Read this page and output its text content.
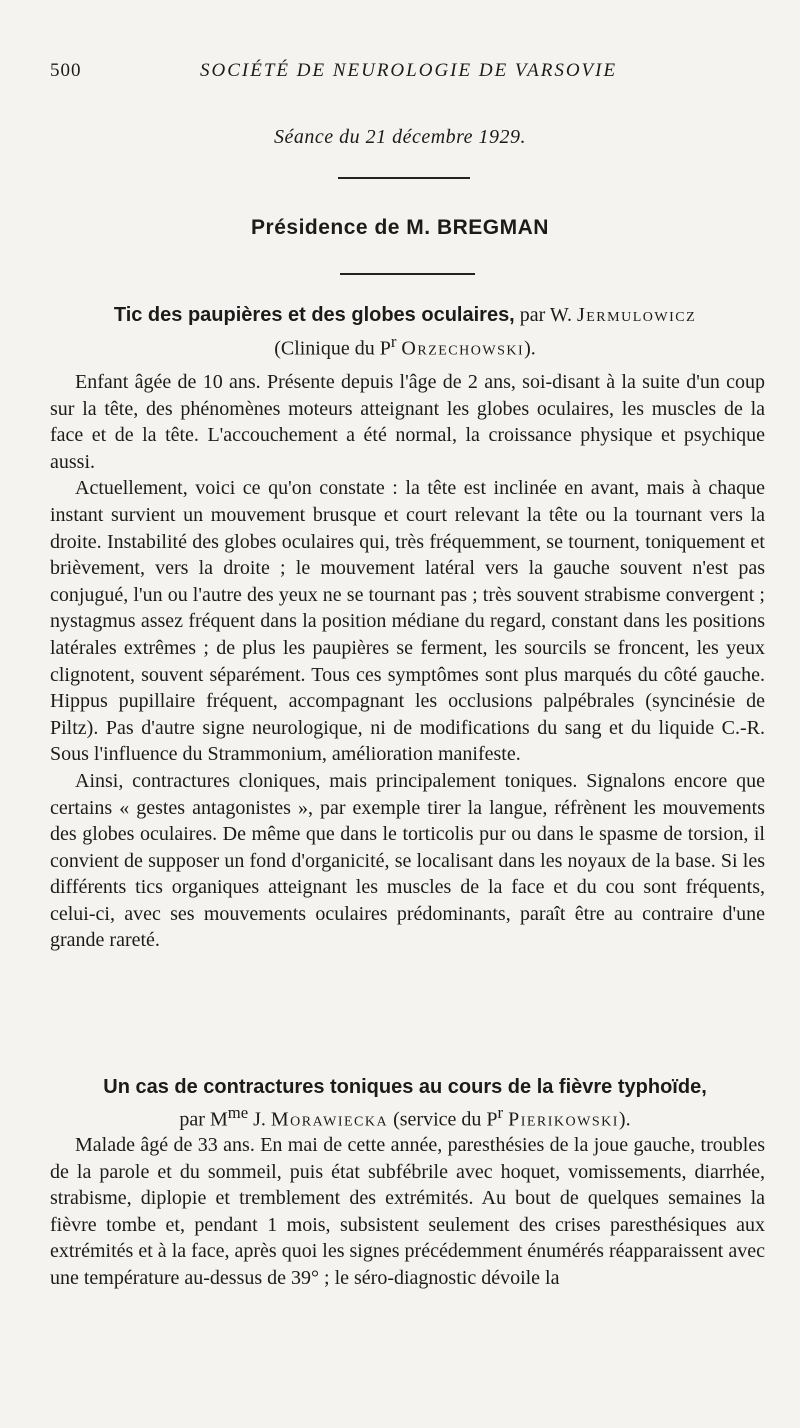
500	SOCIÉTÉ DE NEUROLOGIE DE VARSOVIE
Séance du 21 décembre 1929.
Présidence de M. BREGMAN
Tic des paupières et des globes oculaires, par W. Jermulowicz
(Clinique du $P^r$ Orzechowski).

Enfant âgée de 10 ans. Présente depuis l'âge de 2 ans, soi-disant à la suite d'un coup sur la tête, des phénomènes moteurs atteignant les globes oculaires, les muscles de la face et de la tête. L'accouchement a été normal, la croissance physique et psychique aussi.

Actuellement, voici ce qu'on constate : la tête est inclinée en avant, mais à chaque instant survient un mouvement brusque et court relevant la tête ou la tournant vers la droite. Instabilité des globes oculaires qui, très fréquemment, se tournent, toniquement et brièvement, vers la droite ; le mouvement latéral vers la gauche souvent n'est pas conjugué, l'un ou l'autre des yeux ne se tournant pas ; très souvent strabisme convergent ; nystagmus assez fréquent dans la position médiane du regard, constant dans les positions latérales extrêmes ; de plus les paupières se ferment, les sourcils se froncent, les yeux clignotent, souvent séparément. Tous ces symptômes sont plus marqués du côté gauche. Hippus pupillaire fréquent, accompagnant les occlusions palpébrales (syncinésie de Piltz). Pas d'autre signe neurologique, ni de modifications du sang et du liquide C.-R. Sous l'influence du Strammonium, amélioration manifeste.

Ainsi, contractures cloniques, mais principalement toniques. Signalons encore que certains « gestes antagonistes », par exemple tirer la langue, réfrènent les mouvements des globes oculaires. De même que dans le torticolis pur ou dans le spasme de torsion, il convient de supposer un fond d'organicité, se localisant dans les noyaux de la base. Si les différents tics organiques atteignant les muscles de la face et du cou sont fréquents, celui-ci, avec ses mouvements oculaires prédominants, paraît être au contraire d'une grande rareté.

Un cas de contractures toniques au cours de la fièvre typhoïde,
par $M^{me}$ J. Morawiecka (service du $P^r$ Pierikowski).

Malade âgé de 33 ans. En mai de cette année, paresthésies de la joue gauche, troubles de la parole et du sommeil, puis état subfébrile avec hoquet, vomissements, diarrhée, strabisme, diplopie et tremblement des extrémités. Au bout de quelques semaines la fièvre tombe et, pendant 1 mois, subsistent seulement des crises paresthésiques aux extrémités et à la face, après quoi les signes précédemment énumérés réapparaissent avec une température au-dessus de 39° ; le séro-diagnostic dévoile la
